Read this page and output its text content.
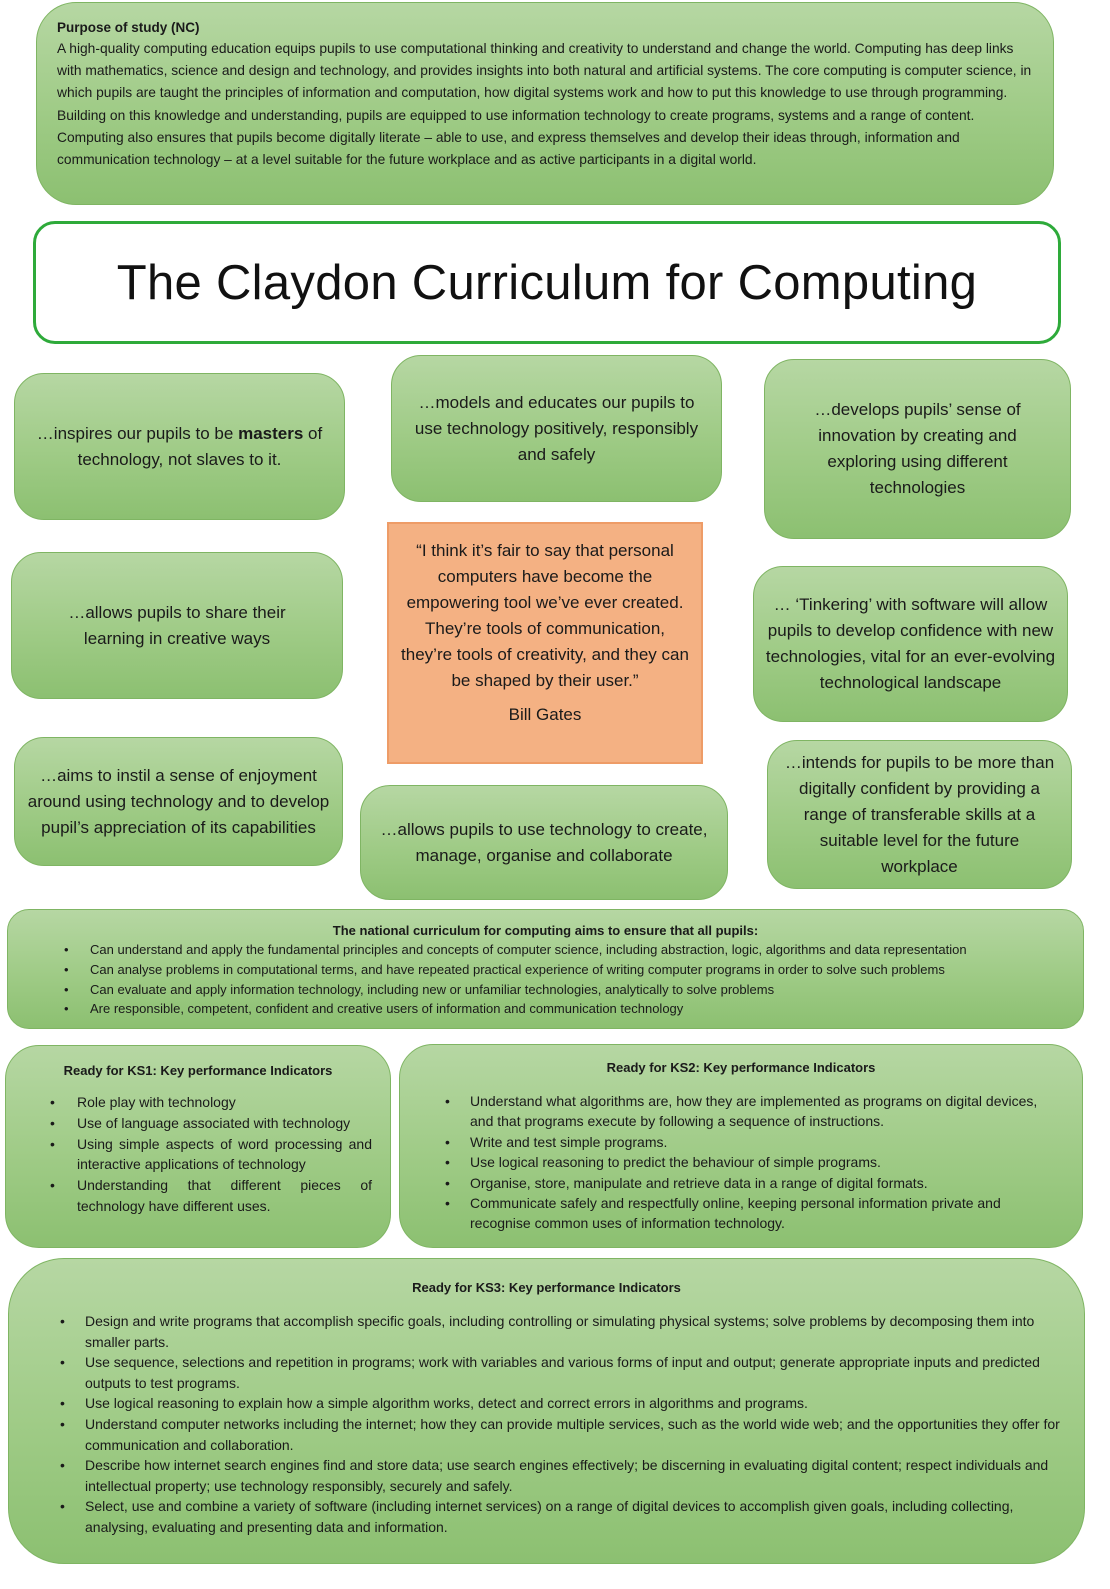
Purpose of study (NC)
A high-quality computing education equips pupils to use computational thinking and creativity to understand and change the world. Computing has deep links with mathematics, science and design and technology, and provides insights into both natural and artificial systems. The core computing is computer science, in which pupils are taught the principles of information and computation, how digital systems work and how to put this knowledge to use through programming. Building on this knowledge and understanding, pupils are equipped to use information technology to create programs, systems and a range of content. Computing also ensures that pupils become digitally literate – able to use, and express themselves and develop their ideas through, information and communication technology – at a level suitable for the future workplace and as active participants in a digital world.
The Claydon Curriculum for Computing
…inspires our pupils to be masters of technology, not slaves to it.
…models and educates our pupils to use technology positively, responsibly and safely
…develops pupils’ sense of innovation by creating and exploring using different technologies
…allows pupils to share their learning in creative ways
… ‘Tinkering’ with software will allow pupils to develop confidence with new technologies, vital for an ever-evolving technological landscape
…aims to instil a sense of enjoyment around using technology and to develop pupil’s appreciation of its capabilities	…allows pupils to use technology to create, manage, organise and collaborate
…intends for pupils to be more than digitally confident by providing a range of transferable skills at a suitable level for the future workplace
“I think it’s fair to say that personal computers have become the empowering tool we’ve ever created. They’re tools of communication, they’re tools of creativity, and they can be shaped by their user.”
Bill Gates
The national curriculum for computing aims to ensure that all pupils:
• Can understand and apply the fundamental principles and concepts of computer science, including abstraction, logic, algorithms and data representation
• Can analyse problems in computational terms, and have repeated practical experience of writing computer programs in order to solve such problems
• Can evaluate and apply information technology, including new or unfamiliar technologies, analytically to solve problems
• Are responsible, competent, confident and creative users of information and communication technology
Ready for KS1: Key performance Indicators
• Role play with technology
• Use of language associated with technology
• Using simple aspects of word processing and interactive applications of technology
• Understanding that different pieces of technology have different uses.
Ready for KS2: Key performance Indicators
• Understand what algorithms are, how they are implemented as programs on digital devices, and that programs execute by following a sequence of instructions.
• Write and test simple programs.
• Use logical reasoning to predict the behaviour of simple programs.
• Organise, store, manipulate and retrieve data in a range of digital formats.
• Communicate safely and respectfully online, keeping personal information private and recognise common uses of information technology.
Ready for KS3: Key performance Indicators
• Design and write programs that accomplish specific goals, including controlling or simulating physical systems; solve problems by decomposing them into smaller parts.
• Use sequence, selections and repetition in programs; work with variables and various forms of input and output; generate appropriate inputs and predicted outputs to test programs.
• Use logical reasoning to explain how a simple algorithm works, detect and correct errors in algorithms and programs.
• Understand computer networks including the internet; how they can provide multiple services, such as the world wide web; and the opportunities they offer for communication and collaboration.
• Describe how internet search engines find and store data; use search engines effectively; be discerning in evaluating digital content; respect individuals and intellectual property; use technology responsibly, securely and safely.
• Select, use and combine a variety of software (including internet services) on a range of digital devices to accomplish given goals, including collecting, analysing, evaluating and presenting data and information.
